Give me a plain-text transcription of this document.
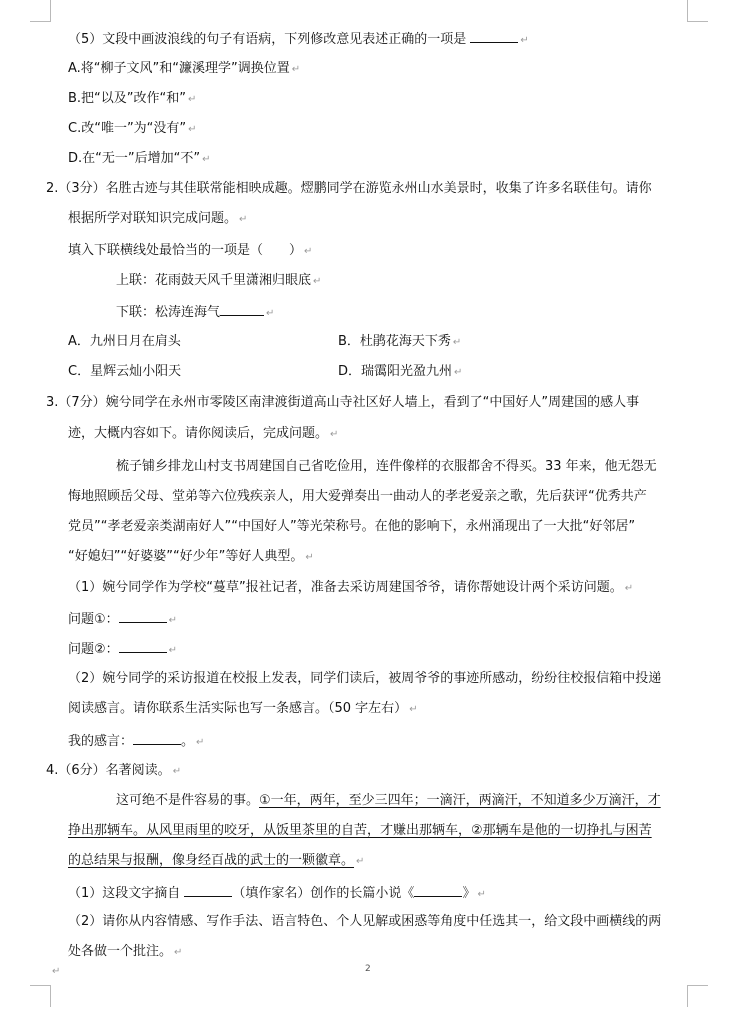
（5）文段中画波浪线的句子有语病，下列修改意见表述正确的一项是	↵
A.将“柳子文风”和“濂溪理学”调换位置 ↵
B.把“以及”改作“和” ↵
C.改“唯一”为“没有” ↵
D.在“无一”后增加“不” ↵
2.（3分）名胜古迹与其佳联常能相映成趣。熤鹏同学在游览永州山水美景时，收集了许多名联佳句。请你
根据所学对联知识完成问题。 ↵
填入下联横线处最恰当的一项是（　　） ↵
上联：花雨鼓天风千里潇湘归眼底 ↵
下联：松涛连海气	↵
A．九州日月在肩头	B．杜鹃花海天下秀 ↵
C．星辉云灿小阳天	D．瑞霭阳光盈九州 ↵
3.（7分）婉兮同学在永州市零陵区南津渡街道高山寺社区好人墙上，看到了“中国好人”周建国的感人事
迹，大概内容如下。请你阅读后，完成问题。 ↵
梳子铺乡排龙山村支书周建国自己省吃俭用，连件像样的衣服都舍不得买。33 年来，他无怨无
悔地照顾岳父母、堂弟等六位残疾亲人，用大爱弹奏出一曲动人的孝老爱亲之歌，先后获评“优秀共产
党员”“孝老爱亲类湖南好人”“中国好人”等光荣称号。在他的影响下，永州涌现出了一大批“好邻居”
“好媳妇”“好婆婆”“好少年”等好人典型。 ↵
（1）婉兮同学作为学校“蔓草”报社记者，准备去采访周建国爷爷，请你帮她设计两个采访问题。 ↵
问题①：	↵
问题②：	↵
（2）婉兮同学的采访报道在校报上发表，同学们读后，被周爷爷的事迹所感动，纷纷往校报信箱中投递
阅读感言。请你联系生活实际也写一条感言。（50 字左右） ↵
我的感言：	。 ↵
4.（6分）名著阅读。 ↵
这可绝不是件容易的事。①一年，两年，至少三四年；一滴汗，两滴汗，不知道多少万滴汗，才
挣出那辆车。从风里雨里的咬牙，从饭里茶里的自苦，才赚出那辆车，②那辆车是他的一切挣扎与困苦
的总结果与报酬，像身经百战的武士的一颗徽章。 ↵
（1）这段文字摘自	（填作家名）创作的长篇小说《	》 ↵
（2）请你从内容情感、写作手法、语言特色、个人见解或困惑等角度中任选其一，给文段中画横线的两
处各做一个批注。 ↵
↵	2
